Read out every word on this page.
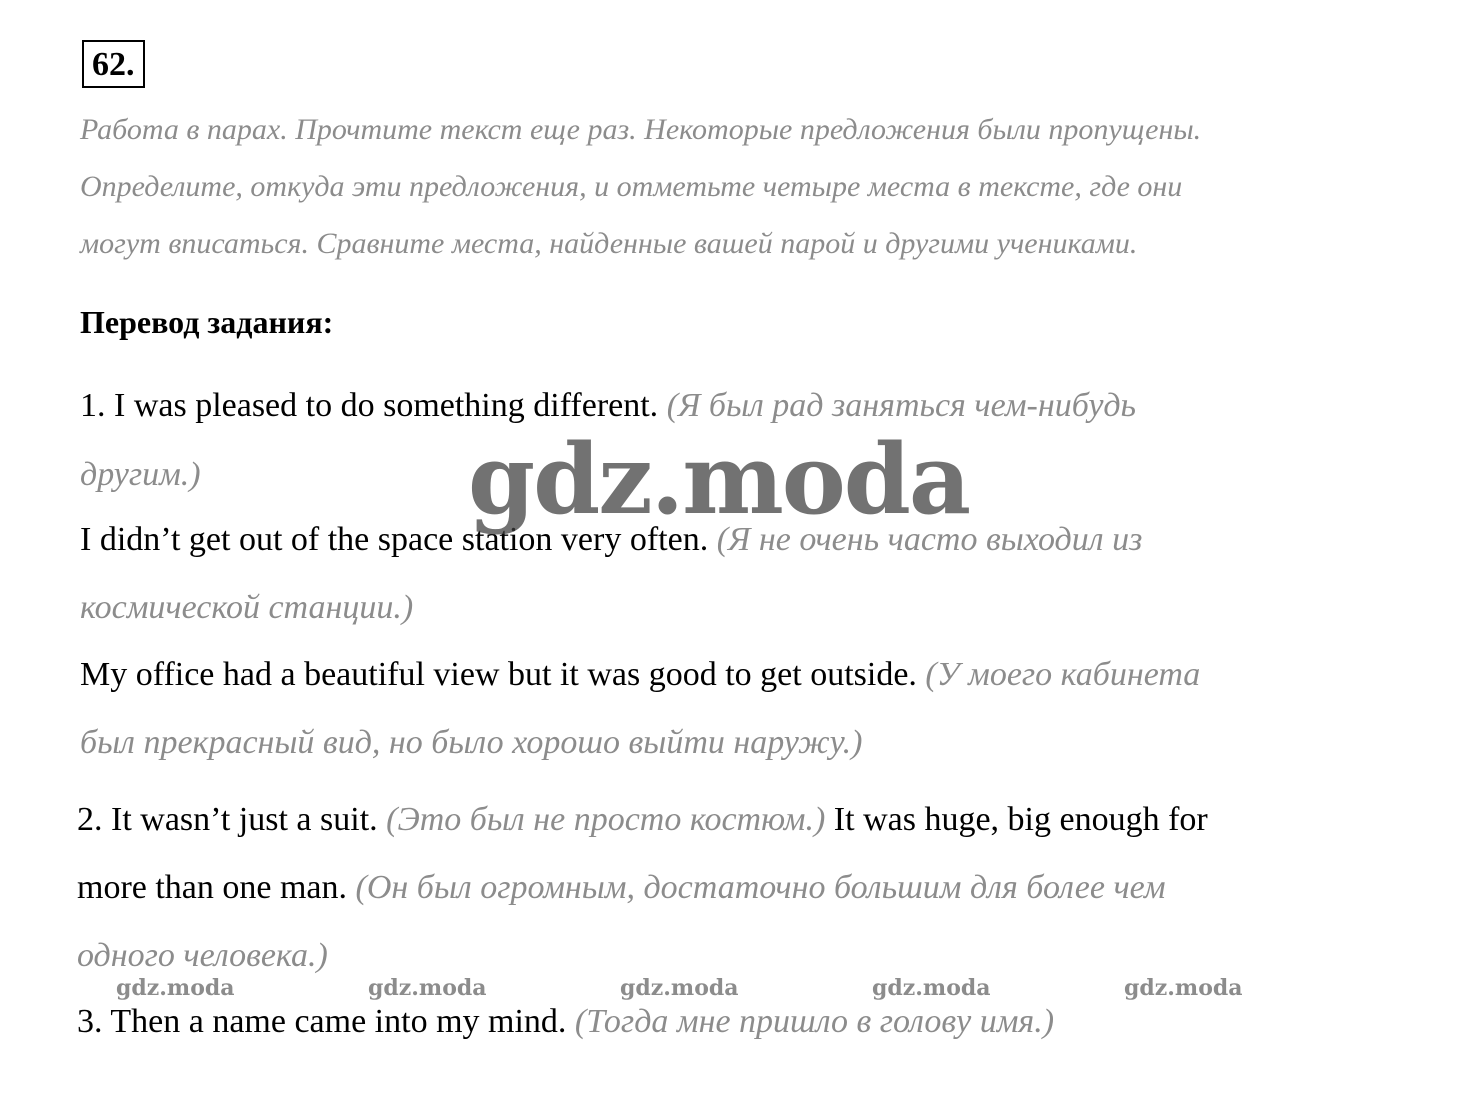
62.
Работа в парах. Прочтите текст еще раз. Некоторые предложения были пропущены.
Определите, откуда эти предложения, и отметьте четыре места в тексте, где они
могут вписаться. Сравните места, найденные вашей парой и другими учениками.
Перевод задания:
1. I was pleased to do something different. (Я был рад заняться чем-нибудь
другим.)
I didn’t get out of the space station very often. (Я не очень часто выходил из
космической станции.)
My office had a beautiful view but it was good to get outside. (У моего кабинета
был прекрасный вид, но было хорошо выйти наружу.)
2. It wasn’t just a suit. (Это был не просто костюм.) It was huge, big enough for
more than one man. (Он был огромным, достаточно большим для более чем
одного человека.)
3. Then a name came into my mind. (Тогда мне пришло в голову имя.)
gdz.moda
gdz.moda	gdz.moda	gdz.moda	gdz.moda	gdz.moda
